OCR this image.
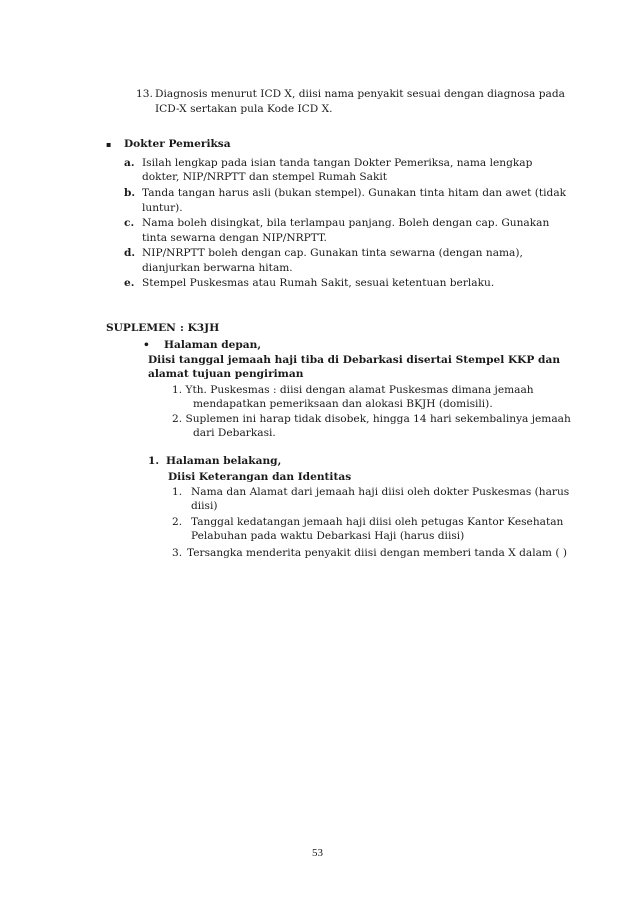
13. Diagnosis menurut ICD X, diisi nama penyakit sesuai dengan diagnosa pada
ICD-X sertakan pula Kode ICD X.
▪ Dokter Pemeriksa
a. Isilah lengkap pada isian tanda tangan Dokter Pemeriksa, nama lengkap
dokter, NIP/NRPTT dan stempel Rumah Sakit
b. Tanda tangan harus asli (bukan stempel). Gunakan tinta hitam dan awet (tidak
luntur).
c. Nama boleh disingkat, bila terlampau panjang. Boleh dengan cap. Gunakan
tinta sewarna dengan NIP/NRPTT.
d. NIP/NRPTT boleh dengan cap. Gunakan tinta sewarna (dengan nama),
dianjurkan berwarna hitam.
e. Stempel Puskesmas atau Rumah Sakit, sesuai ketentuan berlaku.
SUPLEMEN : K3JH
• Halaman depan,
Diisi tanggal jemaah haji tiba di Debarkasi disertai Stempel KKP dan
alamat tujuan pengiriman
1. Yth. Puskesmas : diisi dengan alamat Puskesmas dimana jemaah
mendapatkan pemeriksaan dan alokasi BKJH (domisili).
2. Suplemen ini harap tidak disobek, hingga 14 hari sekembalinya jemaah
dari Debarkasi.
1. Halaman belakang,
Diisi Keterangan dan Identitas
1. Nama dan Alamat dari jemaah haji diisi oleh dokter Puskesmas (harus
diisi)
2. Tanggal kedatangan jemaah haji diisi oleh petugas Kantor Kesehatan
Pelabuhan pada waktu Debarkasi Haji (harus diisi)
3. Tersangka menderita penyakit diisi dengan memberi tanda X dalam ( )
53
